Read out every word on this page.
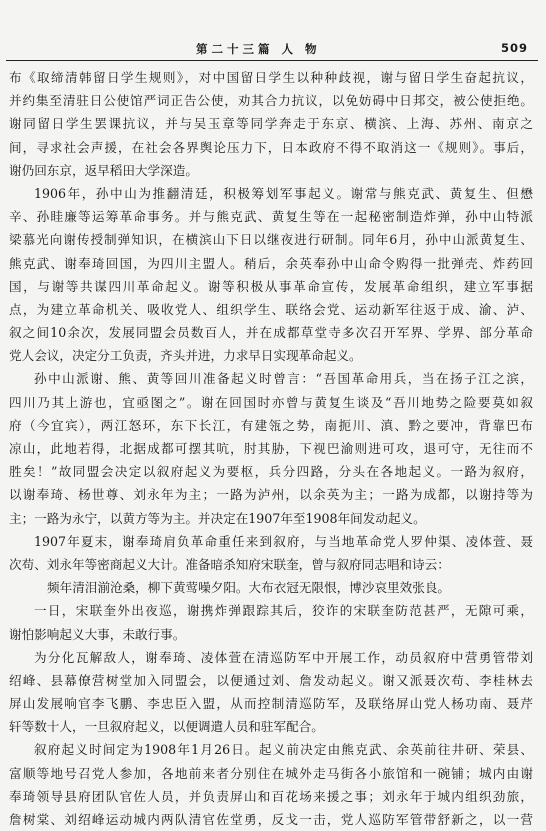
第二十三篇 人 物	509
布《取缔清韩留日学生规则》，对中国留日学生以种种歧视，谢与留日学生奋起抗议，
并约集至清驻日公使馆严词正告公使，劝其合力抗议，以免妨碍中日邦交，被公使拒绝。
谢同留日学生罢课抗议，并与吴玉章等同学奔走于东京、横滨、上海、苏州、南京之
间，寻求社会声援，在社会各界舆论压力下，日本政府不得不取消这一《规则》。事后，
谢仍回东京，返早稻田大学深造。
1906年，孙中山为推翻清廷，积极筹划军事起义。谢常与熊克武、黄复生、但懋
辛、孙眭廉等运筹革命事务。并与熊克武、黄复生等在一起秘密制造炸弹，孙中山特派
梁慕光向谢传授制弹知识，在横滨山下日以继夜进行研制。同年6月，孙中山派黄复生、
熊克武、谢奉琦回国，为四川主盟人。稍后，余英奉孙中山命令购得一批弹壳、炸药回
国，与谢等共谋四川革命起义。谢等积极从事革命宣传，发展革命组织，建立军事据
点，为建立革命机关、吸收党人、组织学生、联络会党、运动新军往返于成、渝、泸、
叙之间10余次，发展同盟会员数百人，并在成都草堂寺多次召开军界、学界、部分革命
党人会议，决定分工负责，齐头并进，力求早日实现革命起义。
孙中山派谢、熊、黄等回川准备起义时曾言：“吾国革命用兵，当在扬子江之滨，
四川乃其上游也，宜亟图之”。谢在回国时亦曾与黄复生谈及“吾川地势之险要莫如叙
府（今宜宾），两江怒环，东下长江，有建瓴之势，南扼川、滇、黔之要冲，背靠巴布
凉山，此地若得，北据成都可摆其吭，肘其胁，下视巴渝则进可攻，退可守，无往而不
胜矣！”故同盟会决定以叙府起义为要枢，兵分四路，分头在各地起义。一路为叙府，
以谢奉琦、杨世尊、刘永年为主；一路为泸州，以余英为主；一路为成都，以谢持等为
主；一路为永宁，以黄方等为主。并决定在1907年至1908年间发动起义。
1907年夏末，谢奉琦肩负革命重任来到叙府，与当地革命党人罗仲渠、凌体萱、聂
次苟、刘永年等密商起义大计。准备暗杀知府宋联奎，曾与叙府同志唱和诗云：
频年清泪湔沧桑，柳下黄莺噪夕阳。大布衣冠无限恨，博沙哀里效张良。
一日，宋联奎外出夜巡，谢携炸弹跟踪其后，狡诈的宋联奎防范甚严，无隙可乘，
谢怕影响起义大事，未敢行事。
为分化瓦解敌人，谢奉琦、凌体萱在清巡防军中开展工作，动员叙府中营勇管带刘
绍峰、县幕僚营树堂加入同盟会，以便通过刘、詹发动起义。谢又派聂次苟、李桂林去
屏山发展响官李飞鹏、李忠臣入盟，从而控制清巡防军，及联络屏山党人杨功南、聂芹
轩等数十人，一旦叙府起义，以便调遣人员和驻军配合。
叙府起义时间定为1908年1月26日。起义前决定由熊克武、余英前往井研、荣县、
富顺等地号召党人参加，各地前来者分别住在城外走马街各小旅馆和一碗铺；城内由谢
奉琦领导县府团队官佐人员，并负责屏山和百花场来援之事；刘永年于城内组织劲旅，
詹树棠、刘绍峰运动城内两队清官佐堂勇，反戈一击，党人巡防军管带舒新之，以一营
